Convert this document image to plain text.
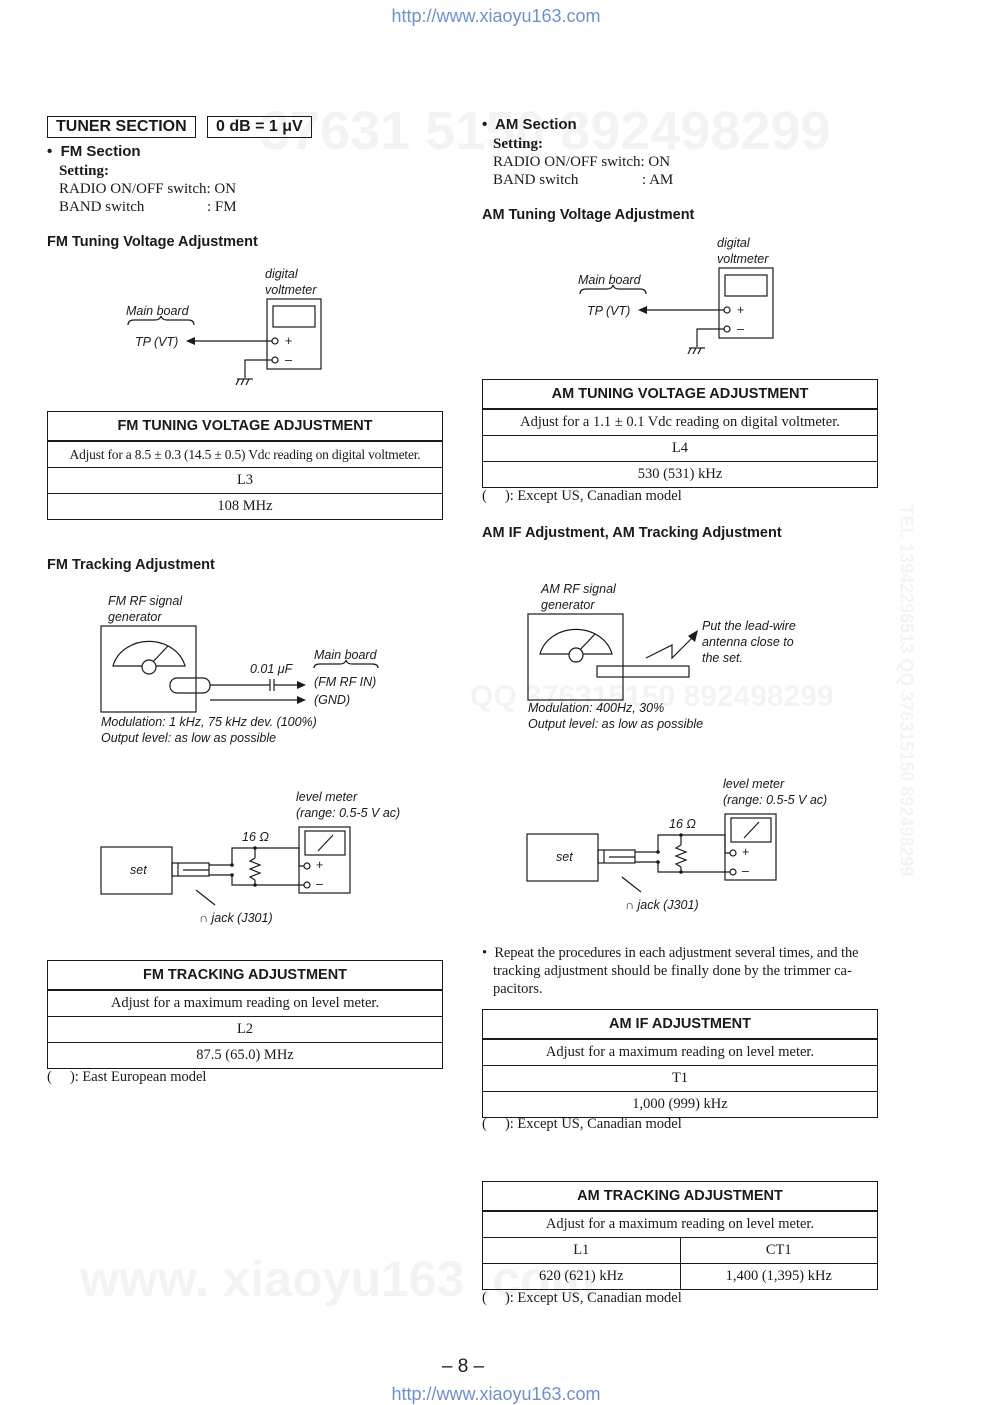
http://www.xiaoyu163.com
http://www.xiaoyu163.com
– 8 –
TUNER SECTION	0 dB = 1 μV
•  FM Section
Setting:
RADIO ON/OFF switch: ON
BAND switch	: FM
•  AM Section
Setting:
RADIO ON/OFF switch: ON
BAND switch	: AM
FM Tuning Voltage Adjustment
digital
voltmeter
Main board
TP (VT)	+
–
FM TUNING VOLTAGE ADJUSTMENT
Adjust for a 8.5 ± 0.3 (14.5 ± 0.5) Vdc reading on digital voltmeter.
L3
108 MHz
FM Tracking Adjustment
FM RF signal
generator
0.01 μF
Main board
(FM RF IN)
(GND)
Modulation: 1 kHz, 75 kHz dev. (100%)
Output level: as low as possible
level meter
(range: 0.5-5 V ac)
16 Ω
set
∩ jack (J301)
+
–
FM TRACKING ADJUSTMENT
Adjust for a maximum reading on level meter.
L2
87.5 (65.0) MHz
(     ): East European model
AM Tuning Voltage Adjustment
digital
voltmeter
Main board
TP (VT)	+
–
AM TUNING VOLTAGE ADJUSTMENT
Adjust for a 1.1 ± 0.1 Vdc reading on digital voltmeter.
L4
530 (531) kHz
(     ): Except US, Canadian model
AM IF Adjustment, AM Tracking Adjustment
AM RF signal
generator
Put the lead-wire
antenna close to
the set.
Modulation: 400Hz, 30%
Output level: as low as possible
level meter
(range: 0.5-5 V ac)
16 Ω
set
∩ jack (J301)
+
–
•  Repeat the procedures in each adjustment several times, and the
tracking adjustment should be finally done by the trimmer ca-
pacitors.
AM IF ADJUSTMENT
Adjust for a maximum reading on level meter.
T1
1,000 (999) kHz
(     ): Except US, Canadian model
AM TRACKING ADJUSTMENT	
Adjust for a maximum reading on level meter.	
L1	CT1
620 (621) kHz	1,400 (1,395) kHz
(     ): Except US, Canadian model
